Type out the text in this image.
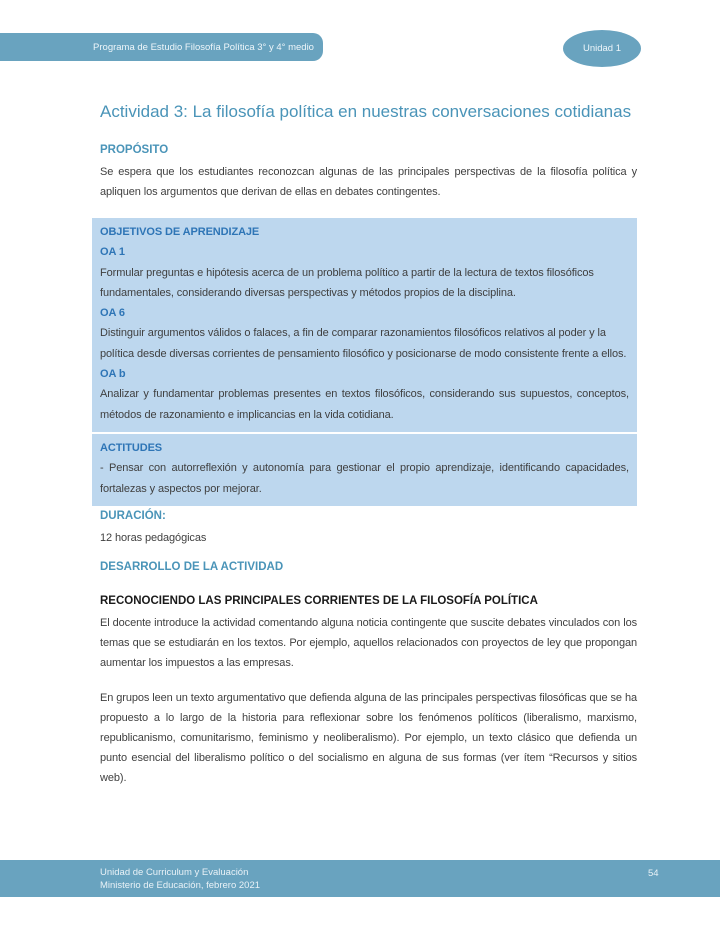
Programa de Estudio Filosofía Política 3° y 4° medio	Unidad 1
Actividad 3: La filosofía política en nuestras conversaciones cotidianas
PROPÓSITO
Se espera que los estudiantes reconozcan algunas de las principales perspectivas de la filosofía política y apliquen los argumentos que derivan de ellas en debates contingentes.
OBJETIVOS DE APRENDIZAJE
OA 1
Formular preguntas e hipótesis acerca de un problema político a partir de la lectura de textos filosóficos fundamentales, considerando diversas perspectivas y métodos propios de la disciplina.
OA 6
Distinguir argumentos válidos o falaces, a fin de comparar razonamientos filosóficos relativos al poder y la política desde diversas corrientes de pensamiento filosófico y posicionarse de modo consistente frente a ellos.
OA b
Analizar y fundamentar problemas presentes en textos filosóficos, considerando sus supuestos, conceptos, métodos de razonamiento e implicancias en la vida cotidiana.
ACTITUDES
- Pensar con autorreflexión y autonomía para gestionar el propio aprendizaje, identificando capacidades, fortalezas y aspectos por mejorar.
DURACIÓN:
12 horas pedagógicas
DESARROLLO DE LA ACTIVIDAD
RECONOCIENDO LAS PRINCIPALES CORRIENTES DE LA FILOSOFÍA POLÍTICA
El docente introduce la actividad comentando alguna noticia contingente que suscite debates vinculados con los temas que se estudiarán en los textos. Por ejemplo, aquellos relacionados con proyectos de ley que propongan aumentar los impuestos a las empresas.
En grupos leen un texto argumentativo que defienda alguna de las principales perspectivas filosóficas que se ha propuesto a lo largo de la historia para reflexionar sobre los fenómenos políticos (liberalismo, marxismo, republicanismo, comunitarismo, feminismo y neoliberalismo). Por ejemplo, un texto clásico que defienda un punto esencial del liberalismo político o del socialismo en alguna de sus formas (ver ítem “Recursos y sitios web).
Unidad de Curriculum y Evaluación
Ministerio de Educación, febrero 2021
54
